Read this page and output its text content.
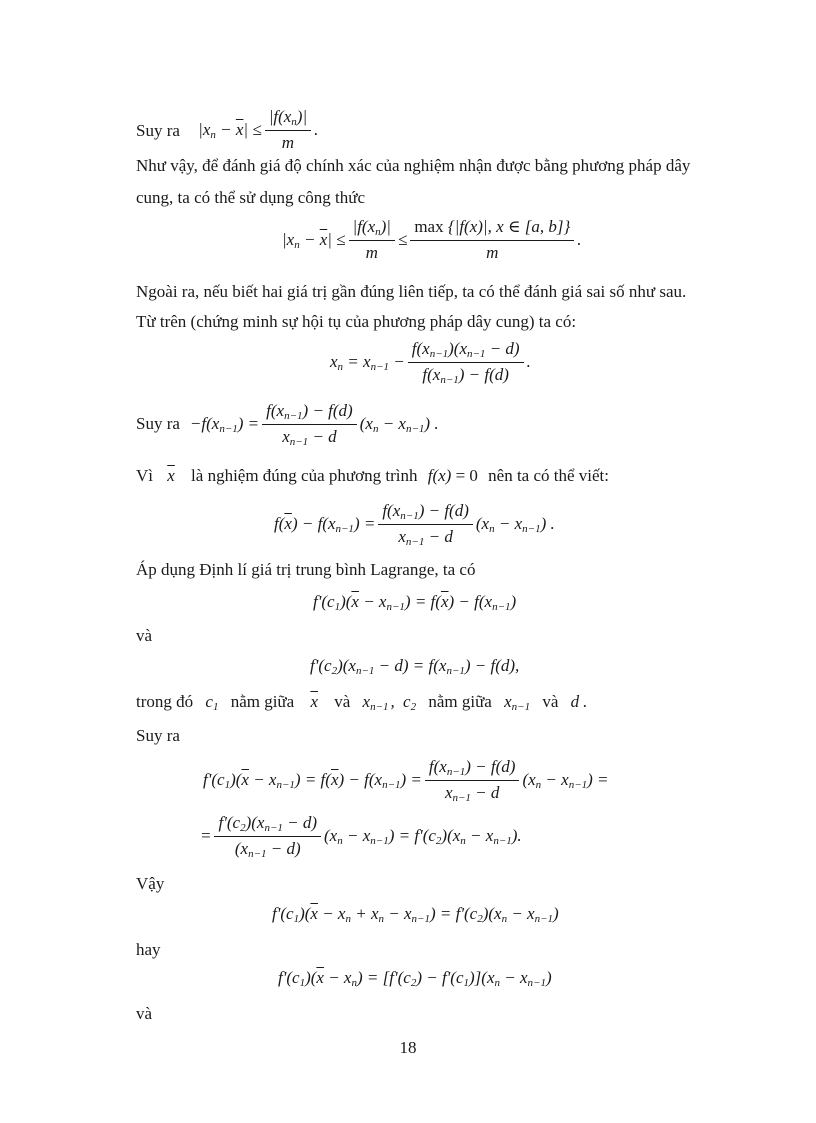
Suy ra $|x_n - \overline{x}| \le \frac{|f(x_n)|}{m}$ .
Như vậy, để đánh giá độ chính xác của nghiệm nhận được bằng phương pháp dây
cung, ta có thể sử dụng công thức
$|x_n - \overline{x}| \le \frac{|f(x_n)|}{m} \le \frac{\max \{|f(x)|, x \in [a, b]\}}{m}$ .
Ngoài ra, nếu biết hai giá trị gần đúng liên tiếp, ta có thể đánh giá sai số như sau.
Từ trên (chứng minh sự hội tụ của phương pháp dây cung) ta có:
$x_n = x_{n-1} - \frac{f(x_{n-1})(x_{n-1} - d)}{f(x_{n-1}) - f(d)}$ .
Suy ra $-f(x_{n-1}) = \frac{f(x_{n-1}) - f(d)}{x_{n-1} - d} (x_n - x_{n-1})$ .
Vì $\overline{x}$ là nghiệm đúng của phương trình f(x) = 0 nên ta có thể viết:
$f(\overline{x}) - f(x_{n-1}) = \frac{f(x_{n-1}) - f(d)}{x_{n-1} - d} (x_n - x_{n-1})$ .
Áp dụng Định lí giá trị trung bình Lagrange, ta có
$f'(c_1)(\overline{x} - x_{n-1}) = f(\overline{x}) - f(x_{n-1})$
và
$f'(c_2)(x_{n-1} - d) = f(x_{n-1}) - f(d)$,
trong đó $c_1$ nằm giữa $\overline{x}$ và $x_{n-1}$ , $c_2$ nằm giữa $x_{n-1}$ và d .
Suy ra
$f'(c_1)(\overline{x} - x_{n-1}) = f(\overline{x}) - f(x_{n-1}) = \frac{f(x_{n-1}) - f(d)}{x_{n-1} - d} (x_n - x_{n-1})$ =
= $\frac{f'(c_2)(x_{n-1} - d)}{(x_{n-1} - d)} (x_n - x_{n-1}) = f'(c_2)(x_n - x_{n-1})$.
Vậy
$f'(c_1)(\overline{x} - x_n + x_n - x_{n-1}) = f'(c_2)(x_n - x_{n-1})$
hay
$f'(c_1)(\overline{x} - x_n) = [f'(c_2) - f'(c_1)](x_n - x_{n-1})$
và
18
